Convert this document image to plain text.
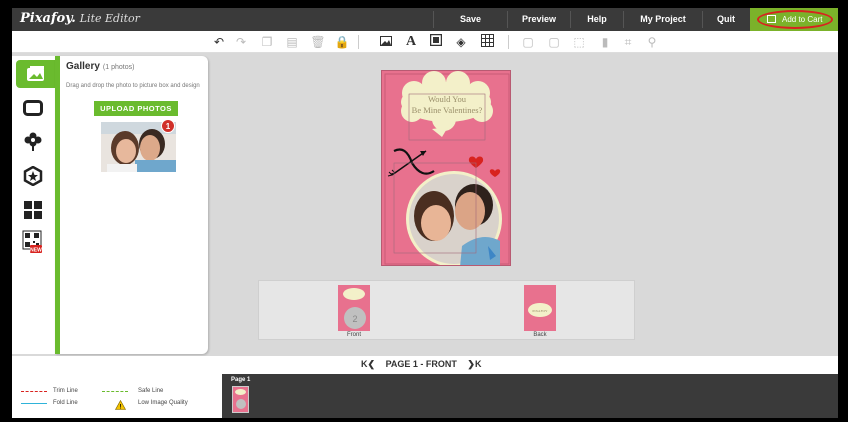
Pixafoy. Lite Editor	Save	Preview	Help	My Project	Quit	Add to Cart
↶ ↷ ❐ ▤ 🗑 🔒	A	◈	▢ ▢ ⬚	▮	⌗	⚲
NEW
Gallery (1 photos)
Drag and drop the photo to picture box and design
UPLOAD PHOTOS
1
Would You
Be Mine Valentines?
2
Front
PIXAFOY
Back
K❮ PAGE 1 - FRONT ❯K
Trim Line	Safe Line
Fold Line
!
Low Image Quality
Page 1
